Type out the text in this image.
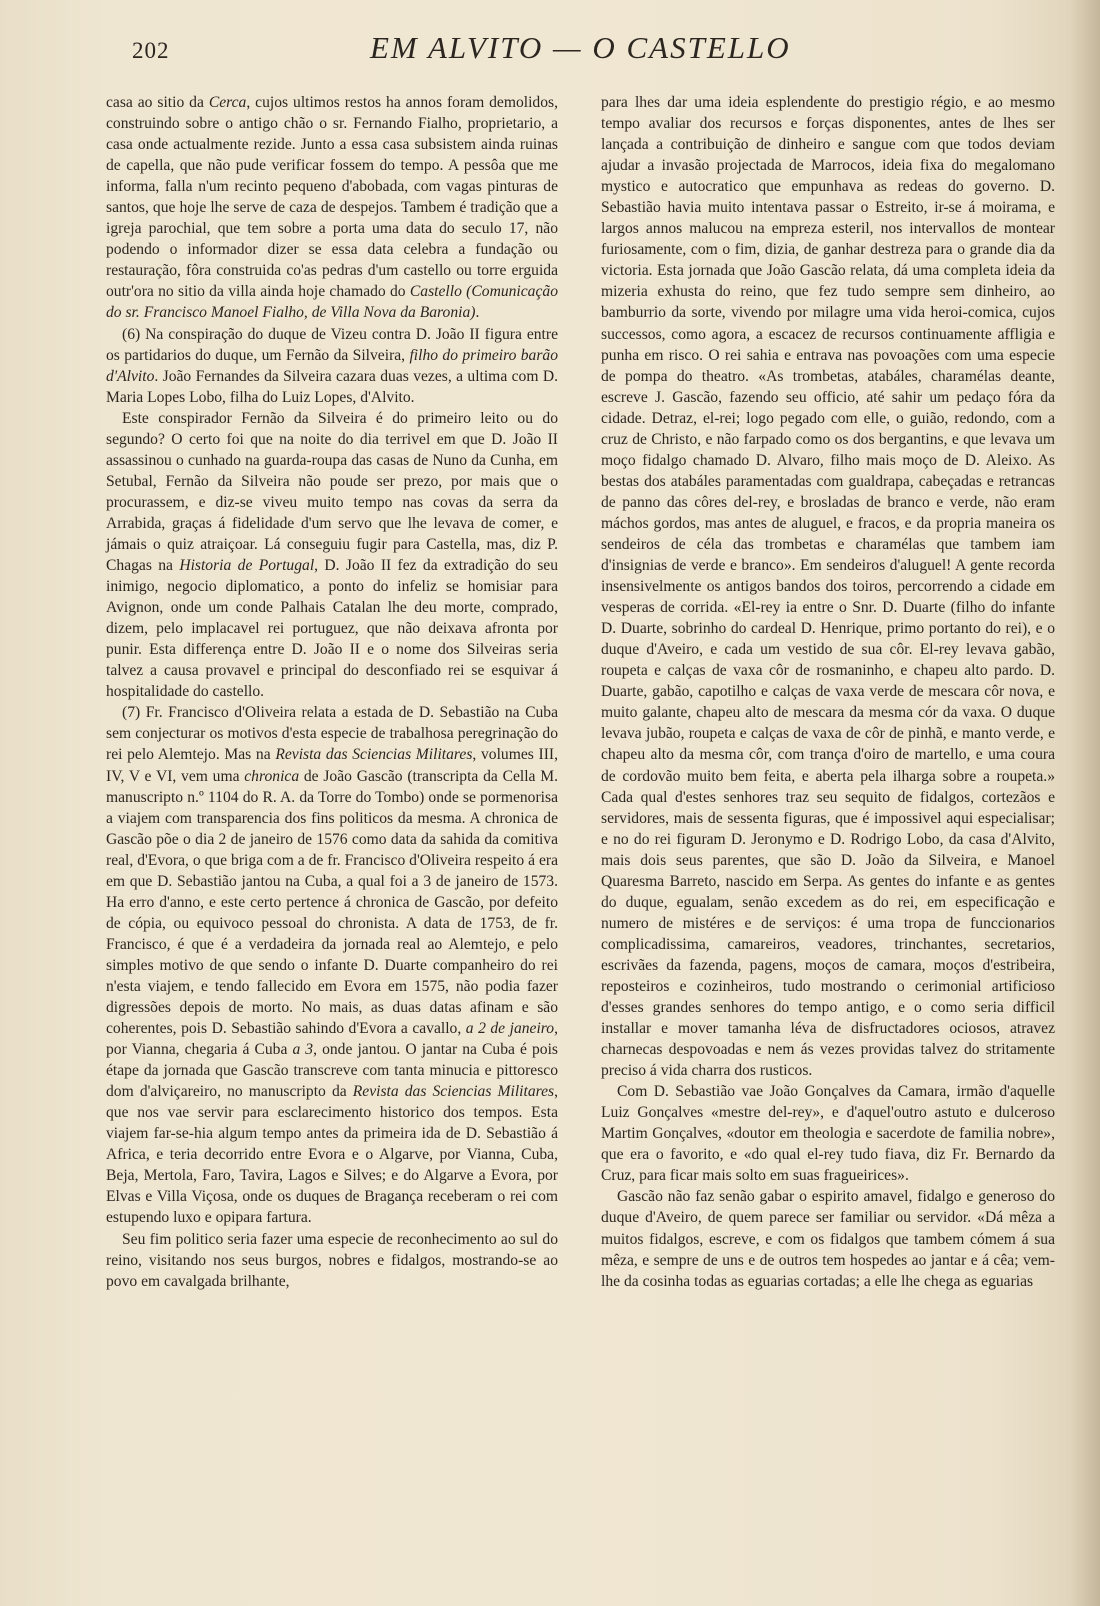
202	EM ALVITO — O CASTELLO

casa ao sitio da Cerca, cujos ultimos restos ha annos foram demolidos, construindo sobre o antigo chão o sr. Fernando Fialho, proprietario, a casa onde actualmente rezide. Junto a essa casa subsistem ainda ruinas de capella, que não pude verificar fossem do tempo. A pessôa que me informa, falla n'um recinto pequeno d'abobada, com vagas pinturas de santos, que hoje lhe serve de caza de despejos. Tambem é tradição que a igreja parochial, que tem sobre a porta uma data do seculo 17, não podendo o informador dizer se essa data celebra a fundação ou restauração, fôra construida co'as pedras d'um castello ou torre erguida outr'ora no sitio da villa ainda hoje chamado do Castello (Comunicação do sr. Francisco Manoel Fialho, de Villa Nova da Baronia).

(6) Na conspiração do duque de Vizeu contra D. João II figura entre os partidarios do duque, um Fernão da Silveira, filho do primeiro barão d'Alvito. João Fernandes da Silveira cazara duas vezes, a ultima com D. Maria Lopes Lobo, filha do Luiz Lopes, d'Alvito.

Este conspirador Fernão da Silveira é do primeiro leito ou do segundo? O certo foi que na noite do dia terrivel em que D. João II assassinou o cunhado na guarda-roupa das casas de Nuno da Cunha, em Setubal, Fernão da Silveira não poude ser prezo, por mais que o procurassem, e diz-se viveu muito tempo nas covas da serra da Arrabida, graças á fidelidade d'um servo que lhe levava de comer, e jámais o quiz atraiçoar. Lá conseguiu fugir para Castella, mas, diz P. Chagas na Historia de Portugal, D. João II fez da extradição do seu inimigo, negocio diplomatico, a ponto do infeliz se homisiar para Avignon, onde um conde Palhais Catalan lhe deu morte, comprado, dizem, pelo implacavel rei portuguez, que não deixava afronta por punir. Esta differença entre D. João II e o nome dos Silveiras seria talvez a causa provavel e principal do desconfiado rei se esquivar á hospitalidade do castello.

(7) Fr. Francisco d'Oliveira relata a estada de D. Sebastião na Cuba sem conjecturar os motivos d'esta especie de trabalhosa peregrinação do rei pelo Alemtejo. Mas na Revista das Sciencias Militares, volumes III, IV, V e VI, vem uma chronica de João Gascão (transcripta da Cella M. manuscripto n.º 1104 do R. A. da Torre do Tombo) onde se pormenorisa a viajem com transparencia dos fins politicos da mesma. A chronica de Gascão põe o dia 2 de janeiro de 1576 como data da sahida da comitiva real, d'Evora, o que briga com a de fr. Francisco d'Oliveira respeito á era em que D. Sebastião jantou na Cuba, a qual foi a 3 de janeiro de 1573. Ha erro d'anno, e este certo pertence á chronica de Gascão, por defeito de cópia, ou equivoco pessoal do chronista. A data de 1753, de fr. Francisco, é que é a verdadeira da jornada real ao Alemtejo, e pelo simples motivo de que sendo o infante D. Duarte companheiro do rei n'esta viajem, e tendo fallecido em Evora em 1575, não podia fazer digressões depois de morto. No mais, as duas datas afinam e são coherentes, pois D. Sebastião sahindo d'Evora a cavallo, a 2 de janeiro, por Vianna, chegaria á Cuba a 3, onde jantou. O jantar na Cuba é pois étape da jornada que Gascão transcreve com tanta minucia e pittoresco dom d'alviçareiro, no manuscripto da Revista das Sciencias Militares, que nos vae servir para esclarecimento historico dos tempos. Esta viajem far-se-hia algum tempo antes da primeira ida de D. Sebastião á Africa, e teria decorrido entre Evora e o Algarve, por Vianna, Cuba, Beja, Mertola, Faro, Tavira, Lagos e Silves; e do Algarve a Evora, por Elvas e Villa Viçosa, onde os duques de Bragança receberam o rei com estupendo luxo e opipara fartura.

Seu fim politico seria fazer uma especie de reconhecimento ao sul do reino, visitando nos seus burgos, nobres e fidalgos, mostrando-se ao povo em cavalgada brilhante,

para lhes dar uma ideia esplendente do prestigio régio, e ao mesmo tempo avaliar dos recursos e forças disponentes, antes de lhes ser lançada a contribuição de dinheiro e sangue com que todos deviam ajudar a invasão projectada de Marrocos, ideia fixa do megalomano mystico e autocratico que empunhava as redeas do governo. D. Sebastião havia muito intentava passar o Estreito, ir-se á moirama, e largos annos malucou na empreza esteril, nos intervallos de montear furiosamente, com o fim, dizia, de ganhar destreza para o grande dia da victoria. Esta jornada que João Gascão relata, dá uma completa ideia da mizeria exhusta do reino, que fez tudo sempre sem dinheiro, ao bamburrio da sorte, vivendo por milagre uma vida heroi-comica, cujos successos, como agora, a escacez de recursos continuamente affligia e punha em risco. O rei sahia e entrava nas povoações com uma especie de pompa do theatro. «As trombetas, atabáles, charamélas deante, escreve J. Gascão, fazendo seu officio, até sahir um pedaço fóra da cidade. Detraz, el-rei; logo pegado com elle, o guião, redondo, com a cruz de Christo, e não farpado como os dos bergantins, e que levava um moço fidalgo chamado D. Alvaro, filho mais moço de D. Aleixo. As bestas dos atabáles paramentadas com gualdrapa, cabeçadas e retrancas de panno das côres del-rey, e brosladas de branco e verde, não eram máchos gordos, mas antes de aluguel, e fracos, e da propria maneira os sendeiros de céla das trombetas e charamélas que tambem iam d'insignias de verde e branco». Em sendeiros d'aluguel! A gente recorda insensivelmente os antigos bandos dos toiros, percorrendo a cidade em vesperas de corrida. «El-rey ia entre o Snr. D. Duarte (filho do infante D. Duarte, sobrinho do cardeal D. Henrique, primo portanto do rei), e o duque d'Aveiro, e cada um vestido de sua côr. El-rey levava gabão, roupeta e calças de vaxa côr de rosmaninho, e chapeu alto pardo. D. Duarte, gabão, capotilho e calças de vaxa verde de mescara côr nova, e muito galante, chapeu alto de mescara da mesma cór da vaxa. O duque levava jubão, roupeta e calças de vaxa de côr de pinhã, e manto verde, e chapeu alto da mesma côr, com trança d'oiro de martello, e uma coura de cordovão muito bem feita, e aberta pela ilharga sobre a roupeta.» Cada qual d'estes senhores traz seu sequito de fidalgos, cortezãos e servidores, mais de sessenta figuras, que é impossivel aqui especialisar; e no do rei figuram D. Jeronymo e D. Rodrigo Lobo, da casa d'Alvito, mais dois seus parentes, que são D. João da Silveira, e Manoel Quaresma Barreto, nascido em Serpa. As gentes do infante e as gentes do duque, egualam, senão excedem as do rei, em especificação e numero de mistéres e de serviços: é uma tropa de funccionarios complicadissima, camareiros, veadores, trinchantes, secretarios, escrivães da fazenda, pagens, moços de camara, moços d'estribeira, reposteiros e cozinheiros, tudo mostrando o cerimonial artificioso d'esses grandes senhores do tempo antigo, e o como seria difficil installar e mover tamanha léva de disfructadores ociosos, atravez charnecas despovoadas e nem ás vezes providas talvez do stritamente preciso á vida charra dos rusticos.

Com D. Sebastião vae João Gonçalves da Camara, irmão d'aquelle Luiz Gonçalves «mestre del-rey», e d'aquel'outro astuto e dulceroso Martim Gonçalves, «doutor em theologia e sacerdote de familia nobre», que era o favorito, e «do qual el-rey tudo fiava, diz Fr. Bernardo da Cruz, para ficar mais solto em suas fragueirices».

Gascão não faz senão gabar o espirito amavel, fidalgo e generoso do duque d'Aveiro, de quem parece ser familiar ou servidor. «Dá mêza a muitos fidalgos, escreve, e com os fidalgos que tambem cómem á sua mêza, e sempre de uns e de outros tem hospedes ao jantar e á cêa; vem-lhe da cosinha todas as eguarias cortadas; a elle lhe chega as eguarias
